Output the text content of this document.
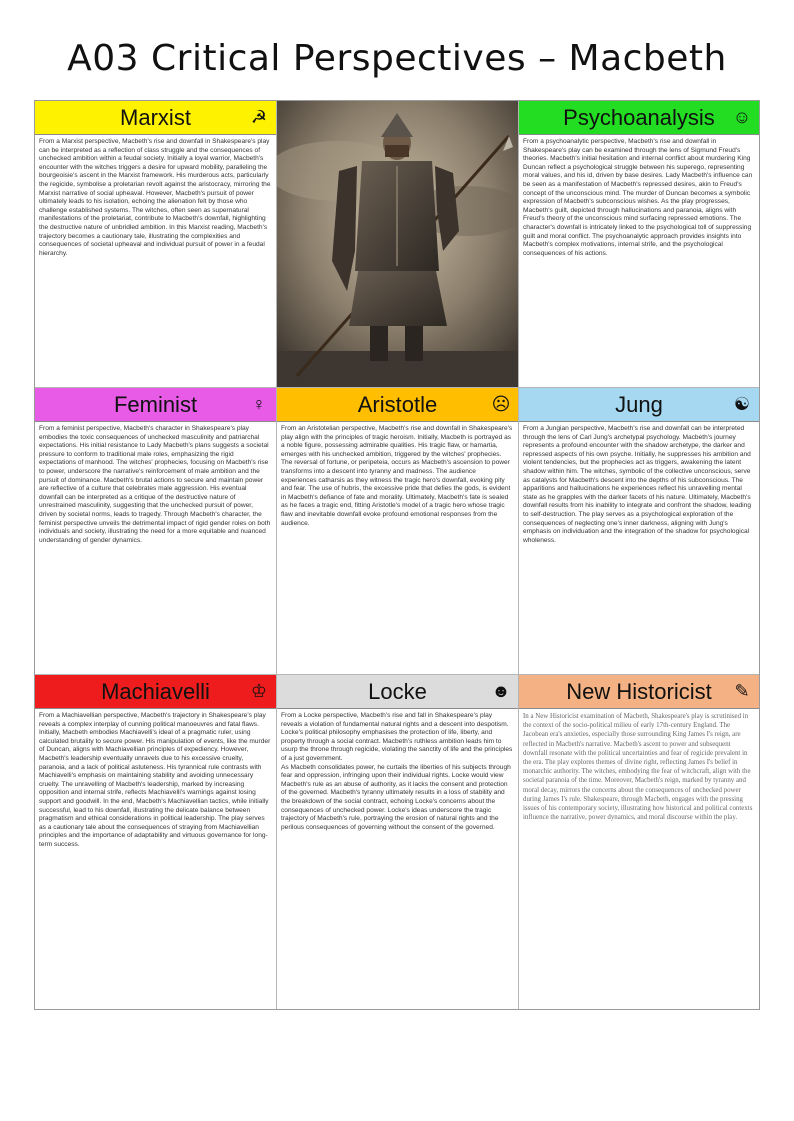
A03 Critical Perspectives – Macbeth
Marxist	☭
From a Marxist perspective, Macbeth's rise and downfall in Shakespeare's play can be interpreted as a reflection of class struggle and the consequences of unchecked ambition within a feudal society. Initially a loyal warrior, Macbeth's encounter with the witches triggers a desire for upward mobility, paralleling the bourgeoisie's ascent in the Marxist framework. His murderous acts, particularly the regicide, symbolise a proletarian revolt against the aristocracy, mirroring the Marxist narrative of social upheaval. However, Macbeth's pursuit of power ultimately leads to his isolation, echoing the alienation felt by those who challenge established systems. The witches, often seen as supernatural manifestations of the proletariat, contribute to Macbeth's downfall, highlighting the destructive nature of unbridled ambition. In this Marxist reading, Macbeth's trajectory becomes a cautionary tale, illustrating the complexities and consequences of societal upheaval and individual pursuit of power in a feudal hierarchy.
Psychoanalysis ☺
From a psychoanalytic perspective, Macbeth's rise and downfall in Shakespeare's play can be examined through the lens of Sigmund Freud's theories. Macbeth's initial hesitation and internal conflict about murdering King Duncan reflect a psychological struggle between his superego, representing moral values, and his id, driven by base desires. Lady Macbeth's influence can be seen as a manifestation of Macbeth's repressed desires, akin to Freud's concept of the unconscious mind. The murder of Duncan becomes a symbolic expression of Macbeth's subconscious wishes. As the play progresses, Macbeth's guilt, depicted through hallucinations and paranoia, aligns with Freud's theory of the unconscious mind surfacing repressed emotions. The character's downfall is intricately linked to the psychological toll of suppressing guilt and moral conflict. The psychoanalytic approach provides insights into Macbeth's complex motivations, internal strife, and the psychological consequences of his actions.
Feminist	♀
From a feminist perspective, Macbeth's character in Shakespeare's play embodies the toxic consequences of unchecked masculinity and patriarchal expectations. His initial resistance to Lady Macbeth's plans suggests a societal pressure to conform to traditional male roles, emphasizing the rigid expectations of manhood. The witches' prophecies, focusing on Macbeth's rise to power, underscore the narrative's reinforcement of male ambition and the pursuit of dominance. Macbeth's brutal actions to secure and maintain power are reflective of a culture that celebrates male aggression. His eventual downfall can be interpreted as a critique of the destructive nature of unrestrained masculinity, suggesting that the unchecked pursuit of power, driven by societal norms, leads to tragedy. Through Macbeth's character, the feminist perspective unveils the detrimental impact of rigid gender roles on both individuals and society, illustrating the need for a more equitable and nuanced understanding of gender dynamics.
Aristotle	☹
From an Aristotelian perspective, Macbeth's rise and downfall in Shakespeare's play align with the principles of tragic heroism. Initially, Macbeth is portrayed as a noble figure, possessing admirable qualities. His tragic flaw, or hamartia, emerges with his unchecked ambition, triggered by the witches' prophecies. The reversal of fortune, or peripeteia, occurs as Macbeth's ascension to power transforms into a descent into tyranny and madness. The audience experiences catharsis as they witness the tragic hero's downfall, evoking pity and fear. The use of hubris, the excessive pride that defies the gods, is evident in Macbeth's defiance of fate and morality. Ultimately, Macbeth's fate is sealed as he faces a tragic end, fitting Aristotle's model of a tragic hero whose tragic flaw and inevitable downfall evoke profound emotional responses from the audience.
Jung	☯
From a Jungian perspective, Macbeth's rise and downfall can be interpreted through the lens of Carl Jung's archetypal psychology. Macbeth's journey represents a profound encounter with the shadow archetype, the darker and repressed aspects of his own psyche. Initially, he suppresses his ambition and violent tendencies, but the prophecies act as triggers, awakening the latent shadow within him. The witches, symbolic of the collective unconscious, serve as catalysts for Macbeth's descent into the depths of his subconscious. The apparitions and hallucinations he experiences reflect his unravelling mental state as he grapples with the darker facets of his nature. Ultimately, Macbeth's downfall results from his inability to integrate and confront the shadow, leading to self-destruction. The play serves as a psychological exploration of the consequences of neglecting one's inner darkness, aligning with Jung's emphasis on individuation and the integration of the shadow for psychological wholeness.
Machiavelli ♔
From a Machiavellian perspective, Macbeth's trajectory in Shakespeare's play reveals a complex interplay of cunning political manoeuvres and fatal flaws. Initially, Macbeth embodies Machiavelli's ideal of a pragmatic ruler, using calculated brutality to secure power. His manipulation of events, like the murder of Duncan, aligns with Machiavellian principles of expediency. However, Macbeth's leadership eventually unravels due to his excessive cruelty, paranoia, and a lack of political astuteness. His tyrannical rule contrasts with Machiavelli's emphasis on maintaining stability and avoiding unnecessary cruelty. The unravelling of Macbeth's leadership, marked by increasing opposition and internal strife, reflects Machiavelli's warnings against losing support and goodwill. In the end, Macbeth's Machiavellian tactics, while initially successful, lead to his downfall, illustrating the delicate balance between pragmatism and ethical considerations in political leadership. The play serves as a cautionary tale about the consequences of straying from Machiavellian principles and the importance of adaptability and virtuous governance for long-term success.
Locke	☻
From a Locke perspective, Macbeth's rise and fall in Shakespeare's play reveals a violation of fundamental natural rights and a descent into despotism. Locke's political philosophy emphasises the protection of life, liberty, and property through a social contract. Macbeth's ruthless ambition leads him to usurp the throne through regicide, violating the sanctity of life and the principles of a just government.
As Macbeth consolidates power, he curtails the liberties of his subjects through fear and oppression, infringing upon their individual rights. Locke would view Macbeth's rule as an abuse of authority, as it lacks the consent and protection of the governed. Macbeth's tyranny ultimately results in a loss of stability and the breakdown of the social contract, echoing Locke's concerns about the consequences of unchecked power. Locke's ideas underscore the tragic trajectory of Macbeth's rule, portraying the erosion of natural rights and the perilous consequences of governing without the consent of the governed.
New Historicist ✎
In a New Historicist examination of Macbeth, Shakespeare's play is scrutinised in the context of the socio-political milieu of early 17th-century England. The Jacobean era's anxieties, especially those surrounding King James I's reign, are reflected in Macbeth's narrative. Macbeth's ascent to power and subsequent downfall resonate with the political uncertainties and fear of regicide prevalent in the era. The play explores themes of divine right, reflecting James I's belief in monarchic authority. The witches, embodying the fear of witchcraft, align with the societal paranoia of the time. Moreover, Macbeth's reign, marked by tyranny and moral decay, mirrors the concerns about the consequences of unchecked power during James I's rule. Shakespeare, through Macbeth, engages with the pressing issues of his contemporary society, illustrating how historical and political contexts influence the narrative, power dynamics, and moral discourse within the play.
